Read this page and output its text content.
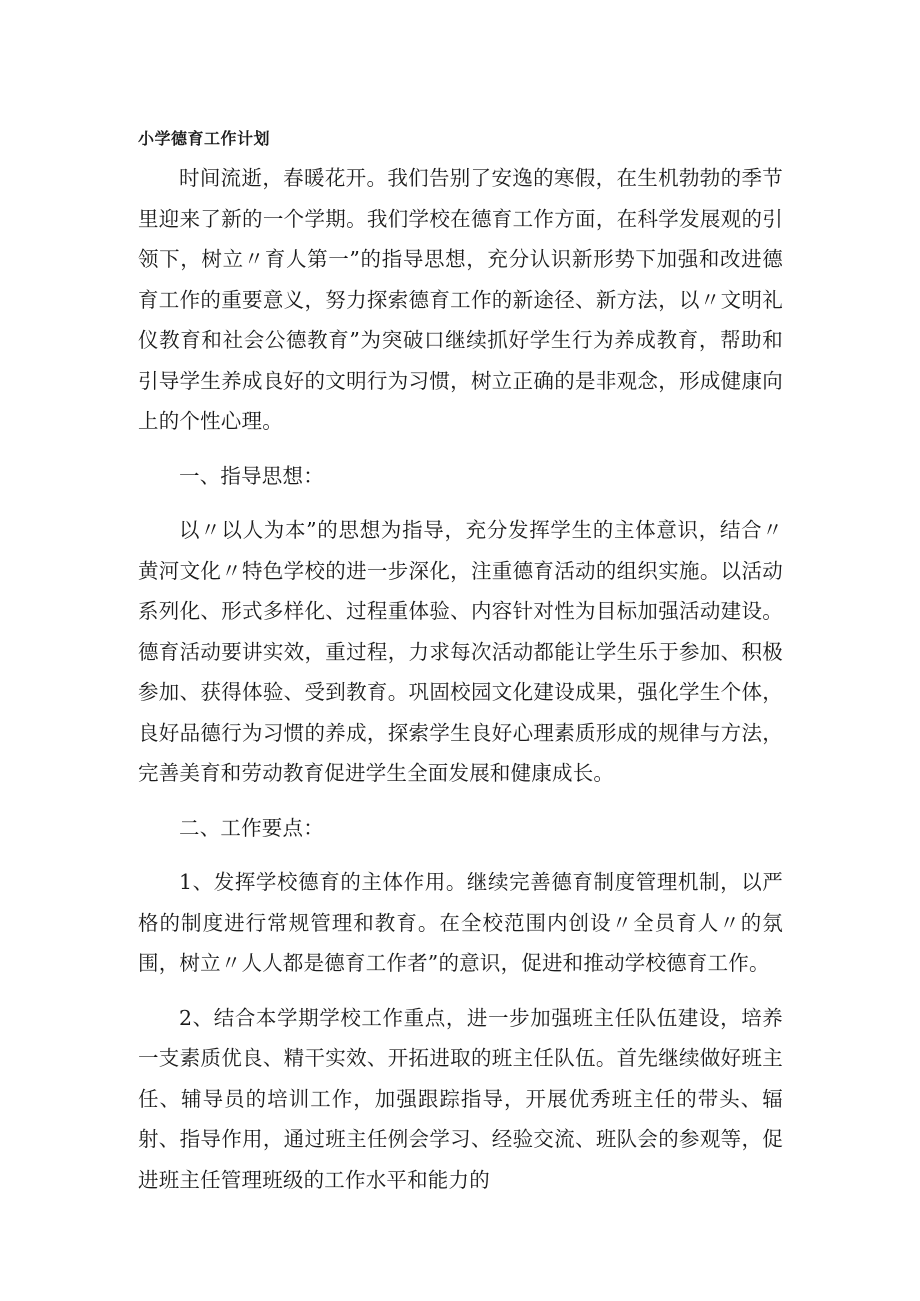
小学德育工作计划

时间流逝，春暖花开。我们告别了安逸的寒假，在生机勃勃的季节里迎来了新的一个学期。我们学校在德育工作方面，在科学发展观的引领下，树立〃育人第一”的指导思想，充分认识新形势下加强和改进德育工作的重要意义，努力探索德育工作的新途径、新方法，以〃文明礼仪教育和社会公德教育”为突破口继续抓好学生行为养成教育，帮助和引导学生养成良好的文明行为习惯，树立正确的是非观念，形成健康向上的个性心理。

一、指导思想：

以〃以人为本”的思想为指导，充分发挥学生的主体意识，结合〃黄河文化〃特色学校的进一步深化，注重德育活动的组织实施。以活动系列化、形式多样化、过程重体验、内容针对性为目标加强活动建设。德育活动要讲实效，重过程，力求每次活动都能让学生乐于参加、积极参加、获得体验、受到教育。巩固校园文化建设成果，强化学生个体，良好品德行为习惯的养成，探索学生良好心理素质形成的规律与方法，完善美育和劳动教育促进学生全面发展和健康成长。

二、工作要点：

1、发挥学校德育的主体作用。继续完善德育制度管理机制，以严格的制度进行常规管理和教育。在全校范围内创设〃全员育人〃的氛围，树立〃人人都是德育工作者”的意识，促进和推动学校德育工作。

2、结合本学期学校工作重点，进一步加强班主任队伍建设，培养一支素质优良、精干实效、开拓进取的班主任队伍。首先继续做好班主任、辅导员的培训工作，加强跟踪指导，开展优秀班主任的带头、辐射、指导作用，通过班主任例会学习、经验交流、班队会的参观等，促进班主任管理班级的工作水平和能力的
